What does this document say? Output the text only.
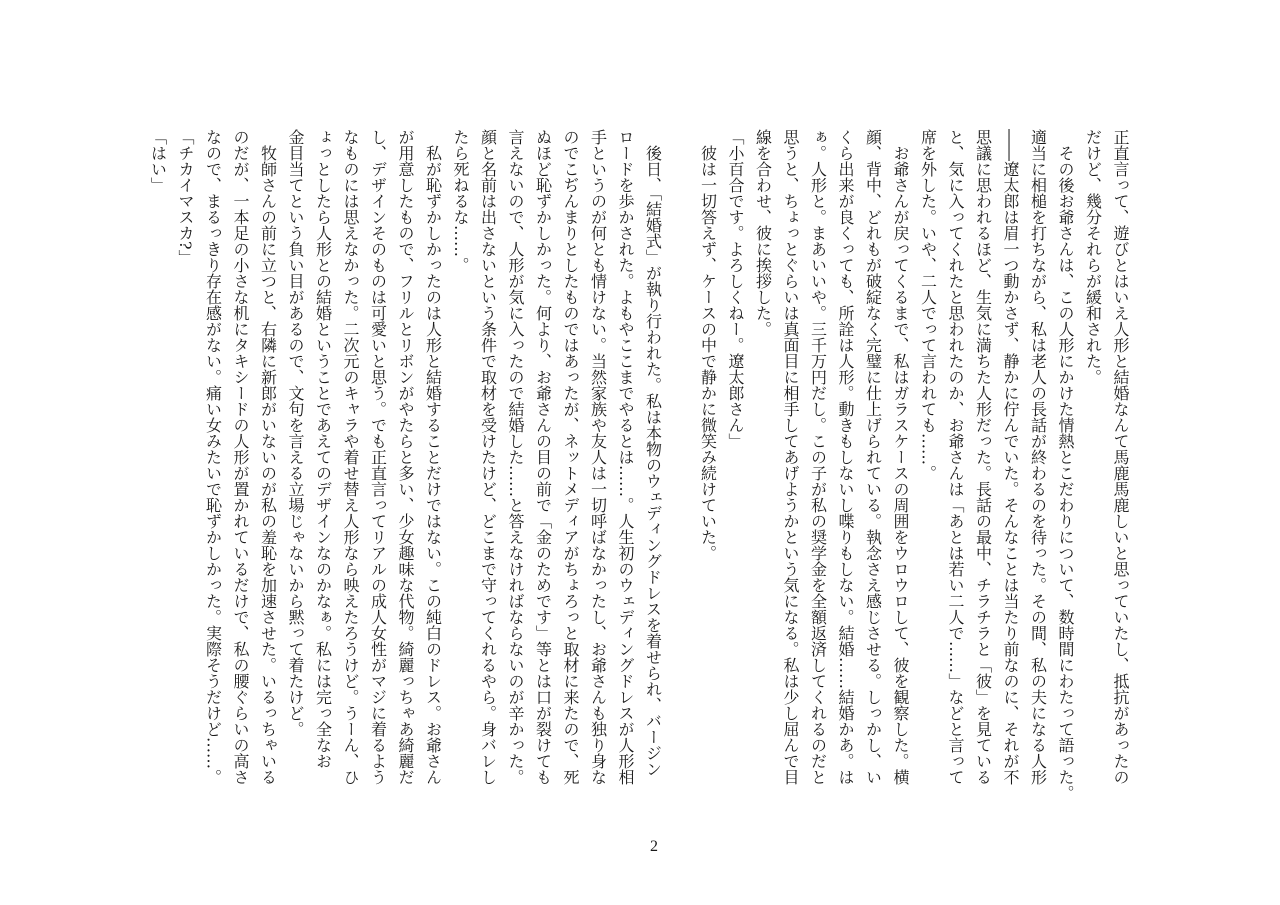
正直言って、遊びとはいえ人形と結婚なんて馬鹿馬鹿しいと思っていたし、抵抗があったの
だけど、幾分それらが緩和された。
　その後お爺さんは、この人形にかけた情熱とこだわりについて、数時間にわたって語った。
適当に相槌を打ちながら、私は老人の長話が終わるのを待った。その間、私の夫になる人形
――遼太郎は眉一つ動かさず、静かに佇んでいた。そんなことは当たり前なのに、それが不
思議に思われるほど、生気に満ちた人形だった。長話の最中、チラチラと「彼」を見ている
と、気に入ってくれたと思われたのか、お爺さんは「あとは若い二人で……」などと言って
席を外した。いや、二人でって言われても……。
　お爺さんが戻ってくるまで、私はガラスケースの周囲をウロウロして、彼を観察した。横
顔、背中、どれもが破綻なく完璧に仕上げられている。執念さえ感じさせる。しっかし、い
くら出来が良くっても、所詮は人形。動きもしないし喋りもしない。結婚……結婚かあ。は
ぁ。人形と。まあいいや。三千万円だし。この子が私の奨学金を全額返済してくれるのだと
思うと、ちょっとぐらいは真面目に相手してあげようかという気になる。私は少し屈んで目
線を合わせ、彼に挨拶した。
「小百合です。よろしくねー。遼太郎さん」
　彼は一切答えず、ケースの中で静かに微笑み続けていた。
　後日、「結婚式」が執り行われた。私は本物のウェディングドレスを着せられ、バージン
ロードを歩かされた。よもやここまでやるとは……。人生初のウェディングドレスが人形相
手というのが何とも情けない。当然家族や友人は一切呼ばなかったし、お爺さんも独り身な
のでこぢんまりとしたものではあったが、ネットメディアがちょろっと取材に来たので、死
ぬほど恥ずかしかった。何より、お爺さんの目の前で「金のためです」等とは口が裂けても
言えないので、人形が気に入ったので結婚した……と答えなければならないのが辛かった。
顔と名前は出さないという条件で取材を受けたけど、どこまで守ってくれるやら。身バレし
たら死ねるな……。
　私が恥ずかしかったのは人形と結婚することだけではない。この純白のドレス。お爺さん
が用意したもので、フリルとリボンがやたらと多い、少女趣味な代物。綺麗っちゃあ綺麗だ
し、デザインそのものは可愛いと思う。でも正直言ってリアルの成人女性がマジに着るよう
なものには思えなかった。二次元のキャラや着せ替え人形なら映えたろうけど。うーん、ひ
ょっとしたら人形との結婚ということであえてのデザインなのかなぁ。私には完っ全なお
金目当てという負い目があるので、文句を言える立場じゃないから黙って着たけど。
　牧師さんの前に立つと、右隣に新郎がいないのが私の羞恥を加速させた。いるっちゃいる
のだが、一本足の小さな机にタキシードの人形が置かれているだけで、私の腰ぐらいの高さ
なので、まるっきり存在感がない。痛い女みたいで恥ずかしかった。実際そうだけど……。
「チカイマスカ?」
「はい」
2
